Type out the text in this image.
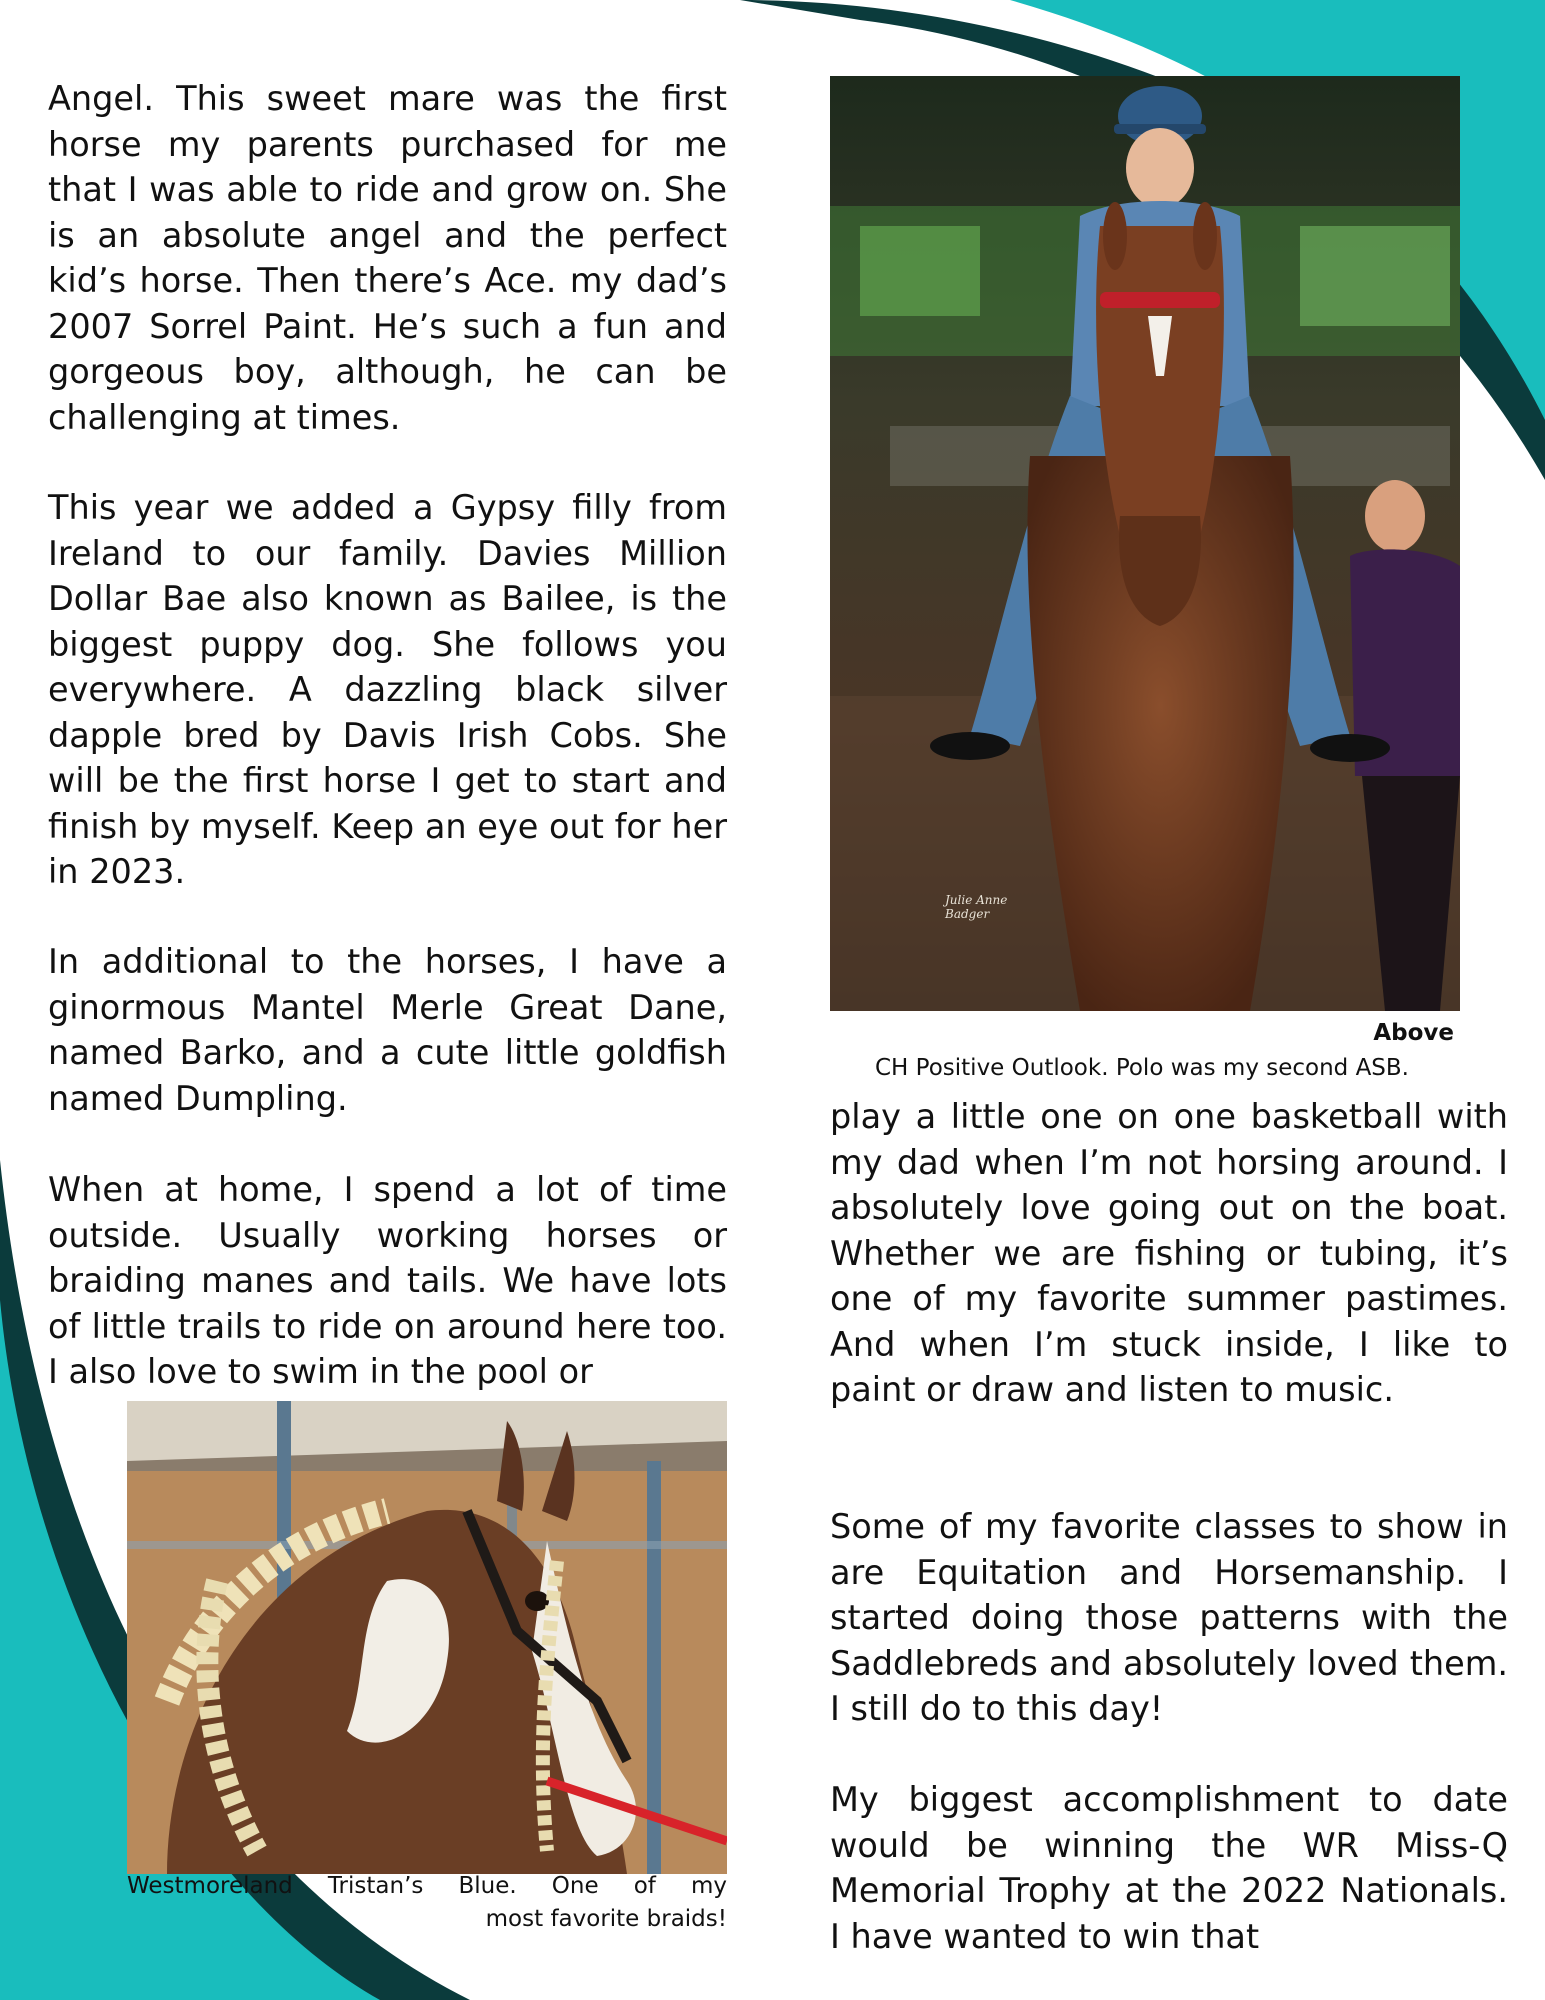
Angel. This sweet mare was the first horse my parents purchased for me that I was able to ride and grow on. She is an absolute angel and the perfect kid’s horse. Then there’s Ace. my dad’s 2007 Sorrel Paint. He’s such a fun and gorgeous boy, although, he can be challenging at times.

This year we added a Gypsy filly from Ireland to our family. Davies Million Dollar Bae also known as Bailee, is the biggest puppy dog. She follows you everywhere. A dazzling black silver dapple bred by Davis Irish Cobs. She will be the first horse I get to start and finish by myself. Keep an eye out for her in 2023.

In additional to the horses, I have a ginormous Mantel Merle Great Dane, named Barko, and a cute little goldfish named Dumpling.

When at home, I spend a lot of time outside. Usually working horses or braiding manes and tails. We have lots of little trails to ride on around here too. I also love to swim in the pool or

Julie Anne Badger

Above

CH Positive Outlook. Polo was my second ASB.

play a little one on one basketball with my dad when I’m not horsing around. I absolutely love going out on the boat. Whether we are fishing or tubing, it’s one of my favorite summer pastimes. And when I’m stuck inside, I like to paint or draw and listen to music.

Some of my favorite classes to show in are Equitation and Horsemanship. I started doing those patterns with the Saddlebreds and absolutely loved them. I still do to this day!

My biggest accomplishment to date would be winning the WR Miss-Q Memorial Trophy at the 2022 Nationals. I have wanted to win that

Westmoreland Tristan’s Blue. One of my

most favorite braids!
